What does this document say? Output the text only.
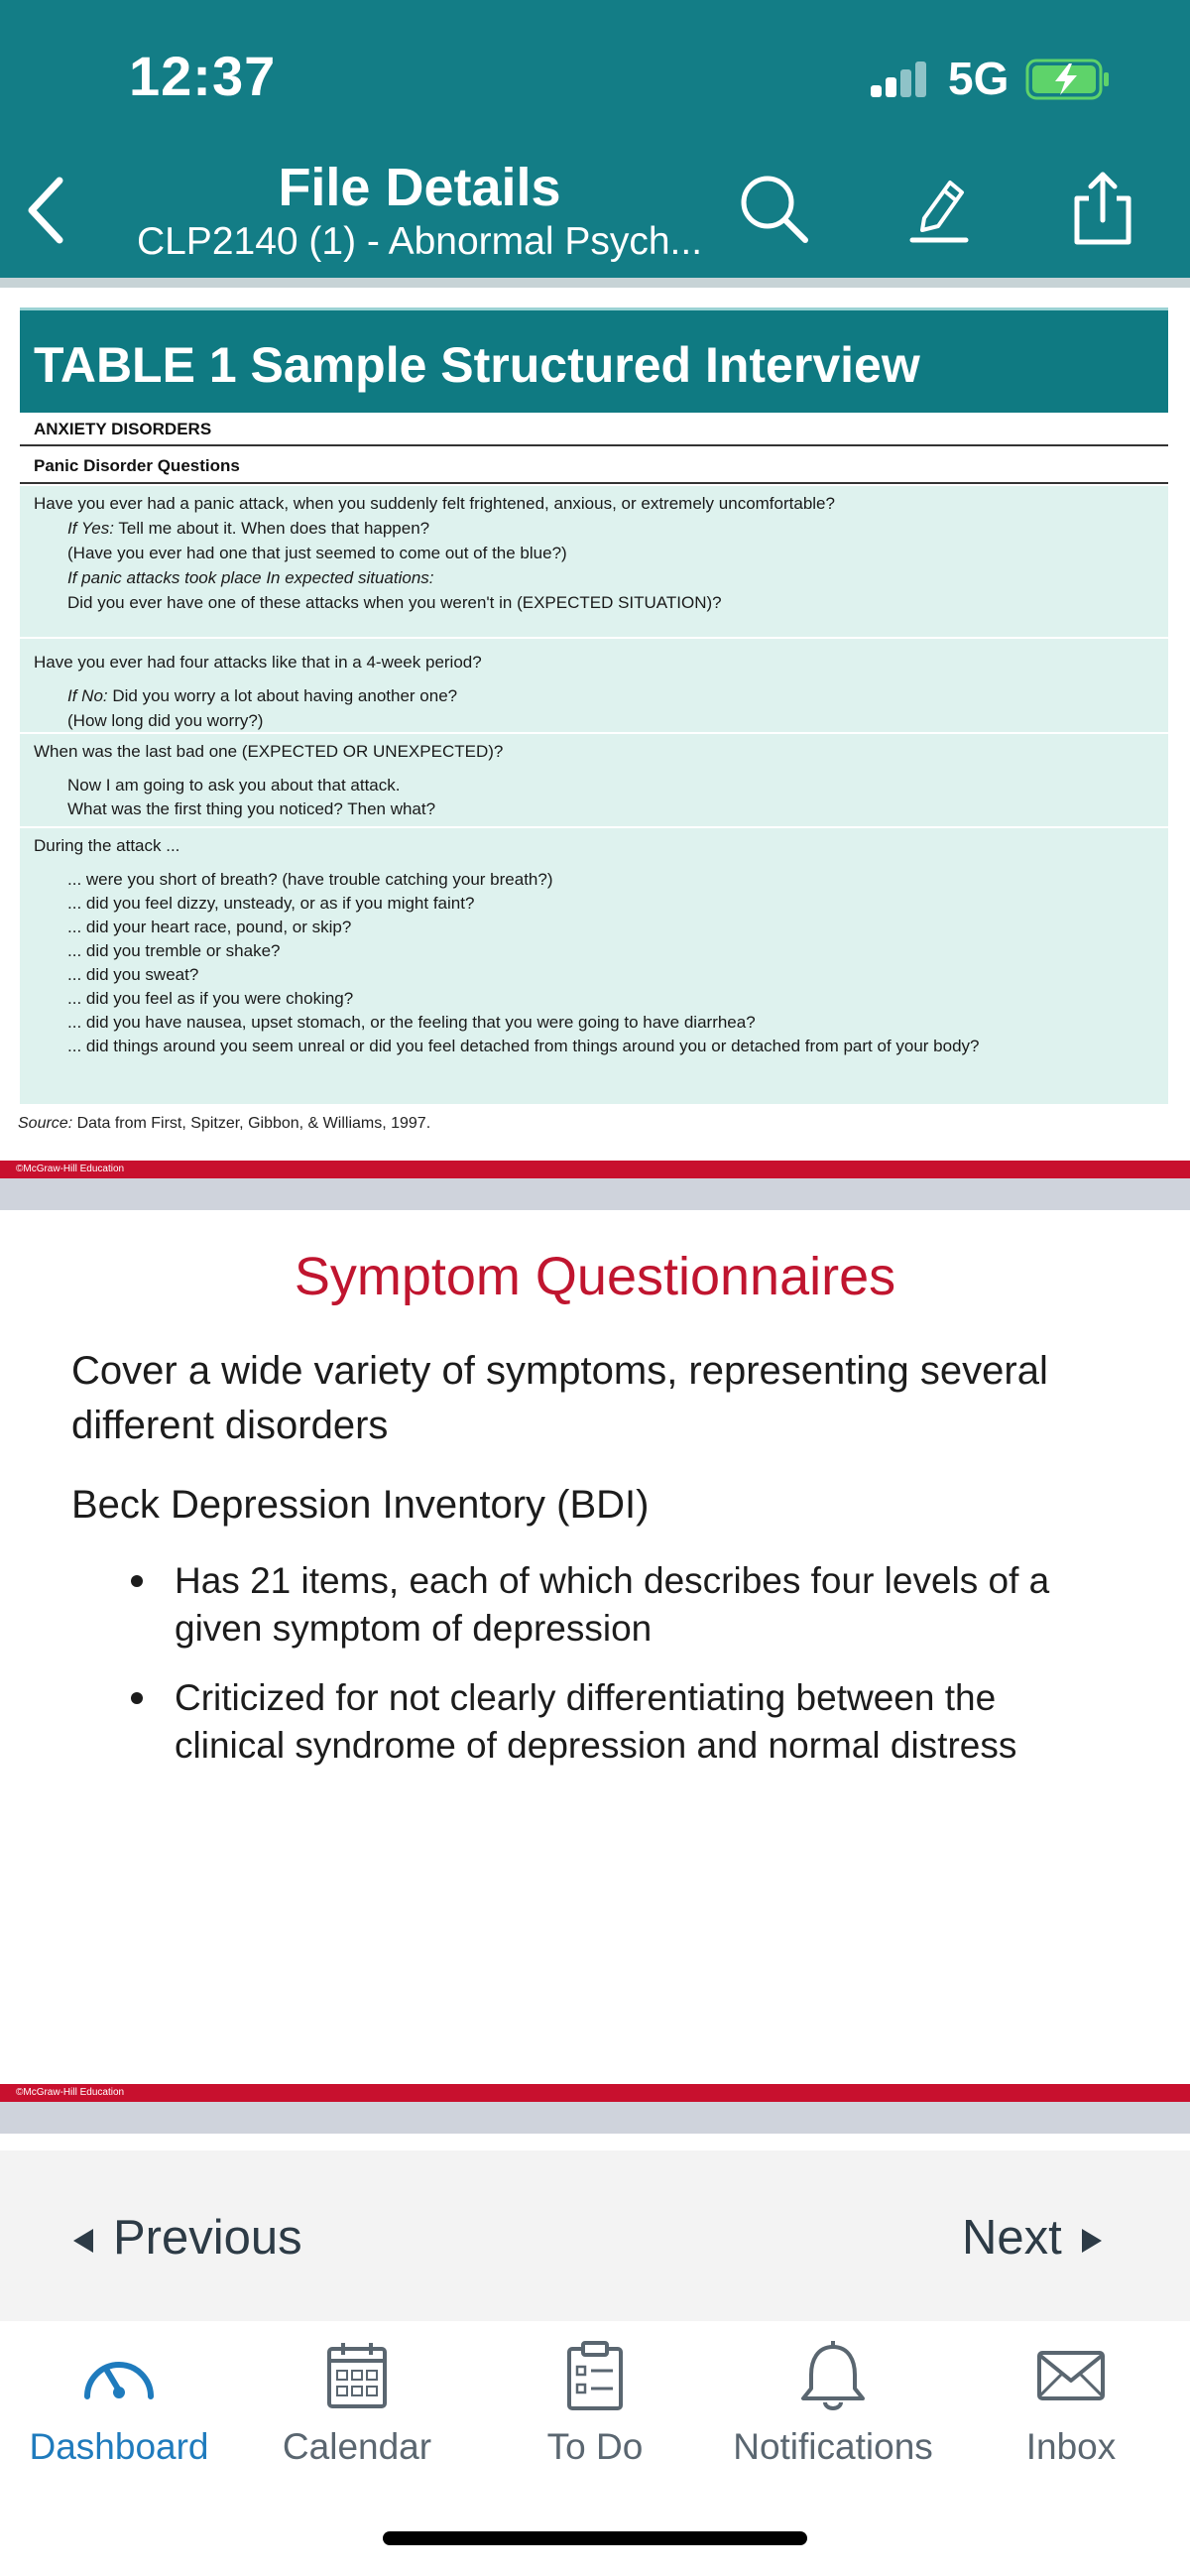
12:37	5G
File Details
CLP2140 (1) - Abnormal Psych...
TABLE 1 Sample Structured Interview
ANXIETY DISORDERS
Panic Disorder Questions
Have you ever had a panic attack, when you suddenly felt frightened, anxious, or extremely uncomfortable?
If Yes: Tell me about it. When does that happen?
(Have you ever had one that just seemed to come out of the blue?)
If panic attacks took place In expected situations:
Did you ever have one of these attacks when you weren't in (EXPECTED SITUATION)?
Have you ever had four attacks like that in a 4-week period?
If No: Did you worry a lot about having another one?
(How long did you worry?)
When was the last bad one (EXPECTED OR UNEXPECTED)?
Now I am going to ask you about that attack.
What was the first thing you noticed? Then what?
During the attack ...
... were you short of breath? (have trouble catching your breath?)
... did you feel dizzy, unsteady, or as if you might faint?
... did your heart race, pound, or skip?
... did you tremble or shake?
... did you sweat?
... did you feel as if you were choking?
... did you have nausea, upset stomach, or the feeling that you were going to have diarrhea?
... did things around you seem unreal or did you feel detached from things around you or detached from part of your body?
Source: Data from First, Spitzer, Gibbon, & Williams, 1997.
©McGraw-Hill Education
Symptom Questionnaires
Cover a wide variety of symptoms, representing several different disorders
Beck Depression Inventory (BDI)
Has 21 items, each of which describes four levels of a given symptom of depression
Criticized for not clearly differentiating between the clinical syndrome of depression and normal distress
©McGraw-Hill Education
Previous	Next
Dashboard	Calendar	To Do	Notifications	Inbox
